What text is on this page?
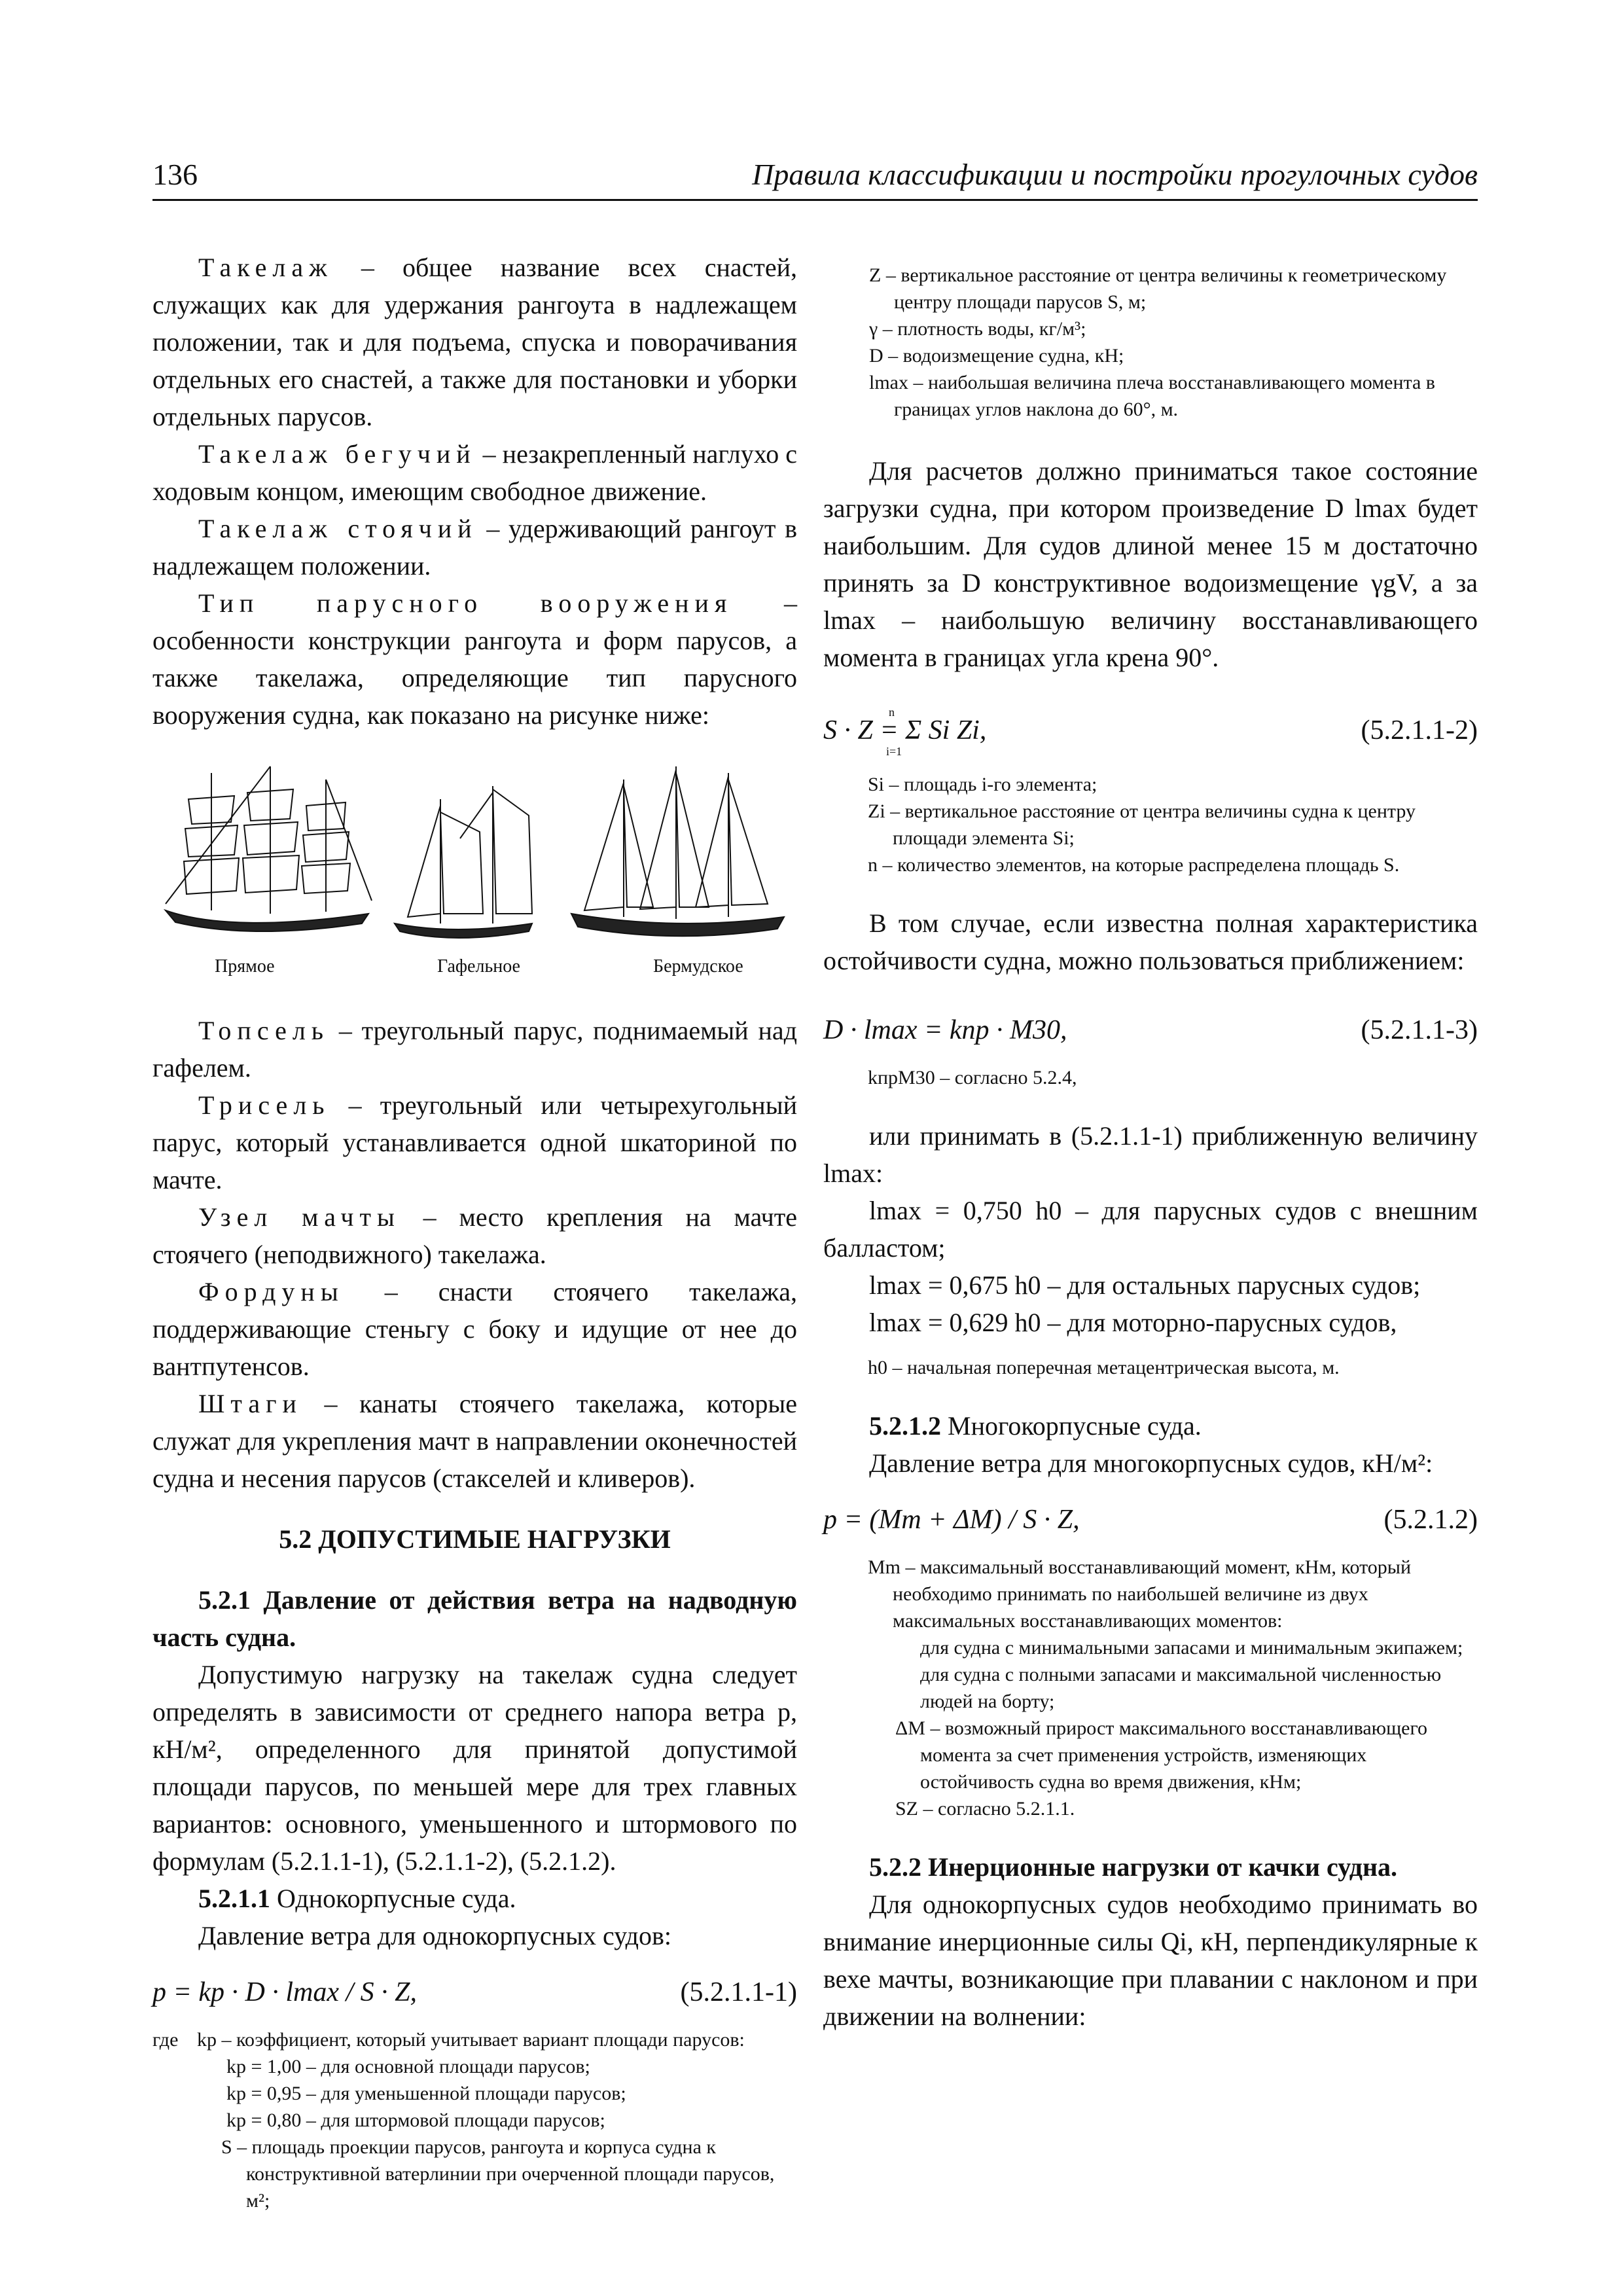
136	Правила классификации и постройки прогулочных судов

Такелаж – общее название всех снастей, служащих как для удержания рангоута в надлежащем положении, так и для подъема, спуска и поворачивания отдельных его снастей, а также для постановки и уборки отдельных парусов.

Такелаж бегучий – незакрепленный наглухо с ходовым концом, имеющим свободное движение.

Такелаж стоячий – удерживающий рангоут в надлежащем положении.

Тип парусного вооружения – особенности конструкции рангоута и форм парусов, а также такелажа, определяющие тип парусного вооружения судна, как показано на рисунке ниже:

Прямое	Гафельное	Бермудское

Топсель – треугольный парус, поднимаемый над гафелем.

Трисель – треугольный или четырехугольный парус, который устанавливается одной шкаториной по мачте.

Узел мачты – место крепления на мачте стоячего (неподвижного) такелажа.

Фордуны – снасти стоячего такелажа, поддерживающие стеньгу с боку и идущие от нее до вантпутенсов.

Штаги – канаты стоячего такелажа, которые служат для укрепления мачт в направлении оконечностей судна и несения парусов (стакселей и кливеров).

5.2 ДОПУСТИМЫЕ НАГРУЗКИ

5.2.1 Давление от действия ветра на надводную часть судна.

Допустимую нагрузку на такелаж судна следует определять в зависимости от среднего напора ветра p, кН/м², определенного для принятой допустимой площади парусов, по меньшей мере для трех главных вариантов: основного, уменьшенного и штормового по формулам (5.2.1.1-1), (5.2.1.1-2), (5.2.1.2).

5.2.1.1 Однокорпусные суда.

Давление ветра для однокорпусных судов:

p = kp · D · lmax / S · Z,	(5.2.1.1-1)
где kp – коэффициент, который учитывает вариант площади парусов:
kp = 1,00 – для основной площади парусов;
kp = 0,95 – для уменьшенной площади парусов;
kp = 0,80 – для штормовой площади парусов;
S – площадь проекции парусов, рангоута и корпуса судна к конструктивной ватерлинии при очерченной площади парусов, м²;
Z – вертикальное расстояние от центра величины к геометрическому центру площади парусов S, м;
γ – плотность воды, кг/м³;
D – водоизмещение судна, кН;
lmax – наибольшая величина плеча восстанавливающего момента в границах углов наклона до 60°, м.

Для расчетов должно приниматься такое состояние загрузки судна, при котором произведение D lmax будет наибольшим. Для судов длиной менее 15 м достаточно принять за D конструктивное водоизмещение γgV, а за lmax – наибольшую величину восстанавливающего момента в границах угла крена 90°.

S · Z = Σ Si Zi,
n
i=1
(5.2.1.1-2)
Si – площадь i-го элемента;
Zi – вертикальное расстояние от центра величины судна к центру площади элемента Si;
n – количество элементов, на которые распределена площадь S.

В том случае, если известна полная характеристика остойчивости судна, можно пользоваться приближением:

D · lmax = kпр · M30,	(5.2.1.1-3)
kпрM30 – согласно 5.2.4,

или принимать в (5.2.1.1-1) приближенную величину lmax:

lmax = 0,750 h0 – для парусных судов с внешним балластом;

lmax = 0,675 h0 – для остальных парусных судов;

lmax = 0,629 h0 – для моторно-парусных судов,

h0 – начальная поперечная метацентрическая высота, м.

5.2.1.2 Многокорпусные суда.

Давление ветра для многокорпусных судов, кН/м²:

p = (Mm + ΔM) / S · Z,	(5.2.1.2)
Mm – максимальный восстанавливающий момент, кНм, который необходимо принимать по наибольшей величине из двух максимальных восстанавливающих моментов:
для судна с минимальными запасами и минимальным экипажем;
для судна с полными запасами и максимальной численностью людей на борту;
ΔM – возможный прирост максимального восстанавливающего момента за счет применения устройств, изменяющих остойчивость судна во время движения, кНм;
SZ – согласно 5.2.1.1.

5.2.2 Инерционные нагрузки от качки судна.

Для однокорпусных судов необходимо принимать во внимание инерционные силы Qi, кН, перпендикулярные к вехе мачты, возникающие при плавании с наклоном и при движении на волнении:
